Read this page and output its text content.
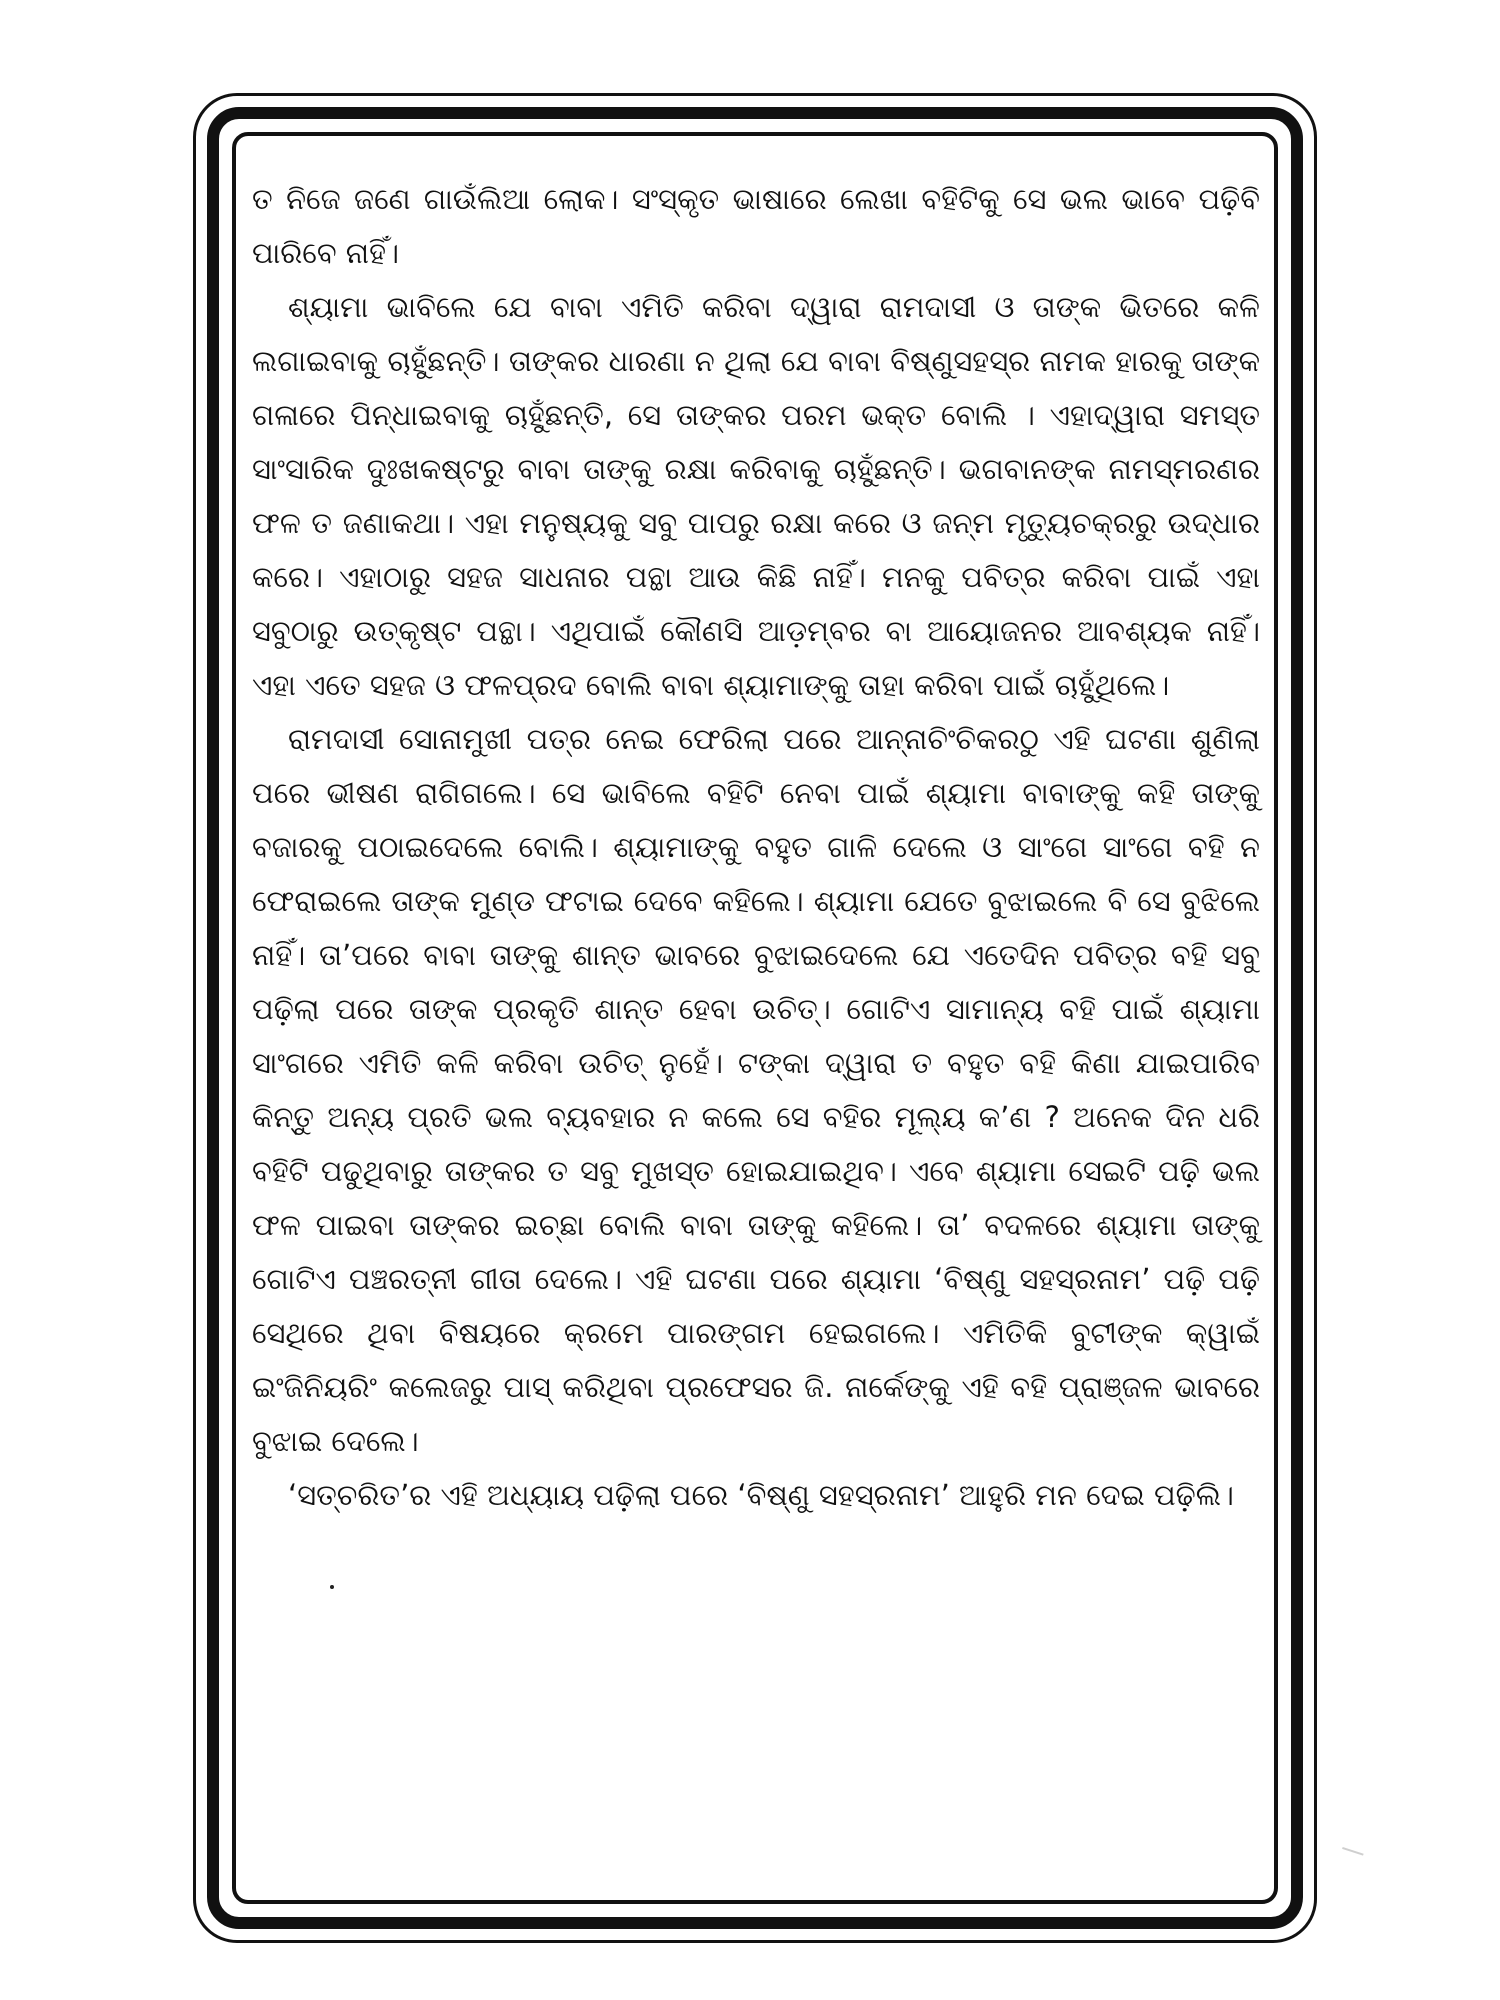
ତ ନିଜେ ଜଣେ ଗାଉଁଲିଆ ଲୋକ। ସଂସ୍କୃତ ଭାଷାରେ ଲେଖା ବହିଟିକୁ ସେ ଭଲ ଭାବେ ପଢ଼ିବି ପାରିବେ ନାହିଁ।

ଶ୍ୟାମା ଭାବିଲେ ଯେ ବାବା ଏମିତି କରିବା ଦ୍ୱାରା ରାମଦାସୀ ଓ ତାଙ୍କ ଭିତରେ କଳି ଲଗାଇବାକୁ ଚାହୁଁଛନ୍ତି। ତାଙ୍କର ଧାରଣା ନ ଥିଲା ଯେ ବାବା ବିଷ୍ଣୁସହସ୍ର ନାମକ ହାରକୁ ତାଙ୍କ ଗଳାରେ ପିନ୍ଧାଇବାକୁ ଚାହୁଁଛନ୍ତି, ସେ ତାଙ୍କର ପରମ ଭକ୍ତ ବୋଲି । ଏହାଦ୍ୱାରା ସମସ୍ତ ସାଂସାରିକ ଦୁଃଖକଷ୍ଟରୁ ବାବା ତାଙ୍କୁ ରକ୍ଷା କରିବାକୁ ଚାହୁଁଛନ୍ତି। ଭଗବାନଙ୍କ ନାମସ୍ମରଣର ଫଳ ତ ଜଣାକଥା। ଏହା ମନୁଷ୍ୟକୁ ସବୁ ପାପରୁ ରକ୍ଷା କରେ ଓ ଜନ୍ମ ମୃତ୍ୟୁଚକ୍ରରୁ ଉଦ୍ଧାର କରେ। ଏହାଠାରୁ ସହଜ ସାଧନାର ପନ୍ଥା ଆଉ କିଛି ନାହିଁ। ମନକୁ ପବିତ୍ର କରିବା ପାଇଁ ଏହା ସବୁଠାରୁ ଉତ୍କୃଷ୍ଟ ପନ୍ଥା। ଏଥିପାଇଁ କୌଣସି ଆଡ଼ମ୍ବର ବା ଆୟୋଜନର ଆବଶ୍ୟକ ନାହିଁ। ଏହା ଏତେ ସହଜ ଓ ଫଳପ୍ରଦ ବୋଲି ବାବା ଶ୍ୟାମାଙ୍କୁ ତାହା କରିବା ପାଇଁ ଚାହୁଁଥିଲେ।

ରାମଦାସୀ ସୋନାମୁଖୀ ପତ୍ର ନେଇ ଫେରିଲା ପରେ ଆନ୍ନାଚିଂଚିକରଠୁ ଏହି ଘଟଣା ଶୁଣିଲା ପରେ ଭୀଷଣ ରାଗିଗଲେ। ସେ ଭାବିଲେ ବହିଟି ନେବା ପାଇଁ ଶ୍ୟାମା ବାବାଙ୍କୁ କହି ତାଙ୍କୁ ବଜାରକୁ ପଠାଇଦେଲେ ବୋଲି। ଶ୍ୟାମାଙ୍କୁ ବହୁତ ଗାଳି ଦେଲେ ଓ ସାଂଗେ ସାଂଗେ ବହି ନ ଫେରାଇଲେ ତାଙ୍କ ମୁଣ୍ଡ ଫଟାଇ ଦେବେ କହିଲେ। ଶ୍ୟାମା ଯେତେ ବୁଝାଇଲେ ବି ସେ ବୁଝିଲେ ନାହିଁ। ତା’ପରେ ବାବା ତାଙ୍କୁ ଶାନ୍ତ ଭାବରେ ବୁଝାଇଦେଲେ ଯେ ଏତେଦିନ ପବିତ୍ର ବହି ସବୁ ପଢ଼ିଲା ପରେ ତାଙ୍କ ପ୍ରକୃତି ଶାନ୍ତ ହେବା ଉଚିତ୍। ଗୋଟିଏ ସାମାନ୍ୟ ବହି ପାଇଁ ଶ୍ୟାମା ସାଂଗରେ ଏମିତି କଳି କରିବା ଉଚିତ୍ ନୁହେଁ। ଟଙ୍କା ଦ୍ୱାରା ତ ବହୁତ ବହି କିଣା ଯାଇପାରିବ କିନ୍ତୁ ଅନ୍ୟ ପ୍ରତି ଭଲ ବ୍ୟବହାର ନ କଲେ ସେ ବହିର ମୂଲ୍ୟ କ’ଣ ? ଅନେକ ଦିନ ଧରି ବହିଟି ପଢୁଥିବାରୁ ତାଙ୍କର ତ ସବୁ ମୁଖସ୍ତ ହୋଇଯାଇଥିବ। ଏବେ ଶ୍ୟାମା ସେଇଟି ପଢ଼ି ଭଲ ଫଳ ପାଇବା ତାଙ୍କର ଇଚ୍ଛା ବୋଲି ବାବା ତାଙ୍କୁ କହିଲେ। ତା’ ବଦଳରେ ଶ୍ୟାମା ତାଙ୍କୁ ଗୋଟିଏ ପଞ୍ଚରତ୍ନୀ ଗୀତା ଦେଲେ। ଏହି ଘଟଣା ପରେ ଶ୍ୟାମା ‘ବିଷ୍ଣୁ ସହସ୍ରନାମ’ ପଢ଼ି ପଢ଼ି ସେଥିରେ ଥିବା ବିଷୟରେ କ୍ରମେ ପାରଙ୍ଗମ ହେଇଗଲେ। ଏମିତିକି ବୁଟୀଙ୍କ କ୍ୱାଇଁ ଇଂଜିନିୟରିଂ କଲେଜରୁ ପାସ୍ କରିଥିବା ପ୍ରଫେସର ଜି. ନାର୍କେଙ୍କୁ ଏହି ବହି ପ୍ରାଞ୍ଜଳ ଭାବରେ ବୁଝାଇ ଦେଲେ।

‘ସତ୍‌ଚରିତ’ର ଏହି ଅଧ୍ୟାୟ ପଢ଼ିଲା ପରେ ‘ବିଷ୍ଣୁ ସହସ୍ରନାମ’ ଆହୁରି ମନ ଦେଇ ପଢ଼ିଲି।
